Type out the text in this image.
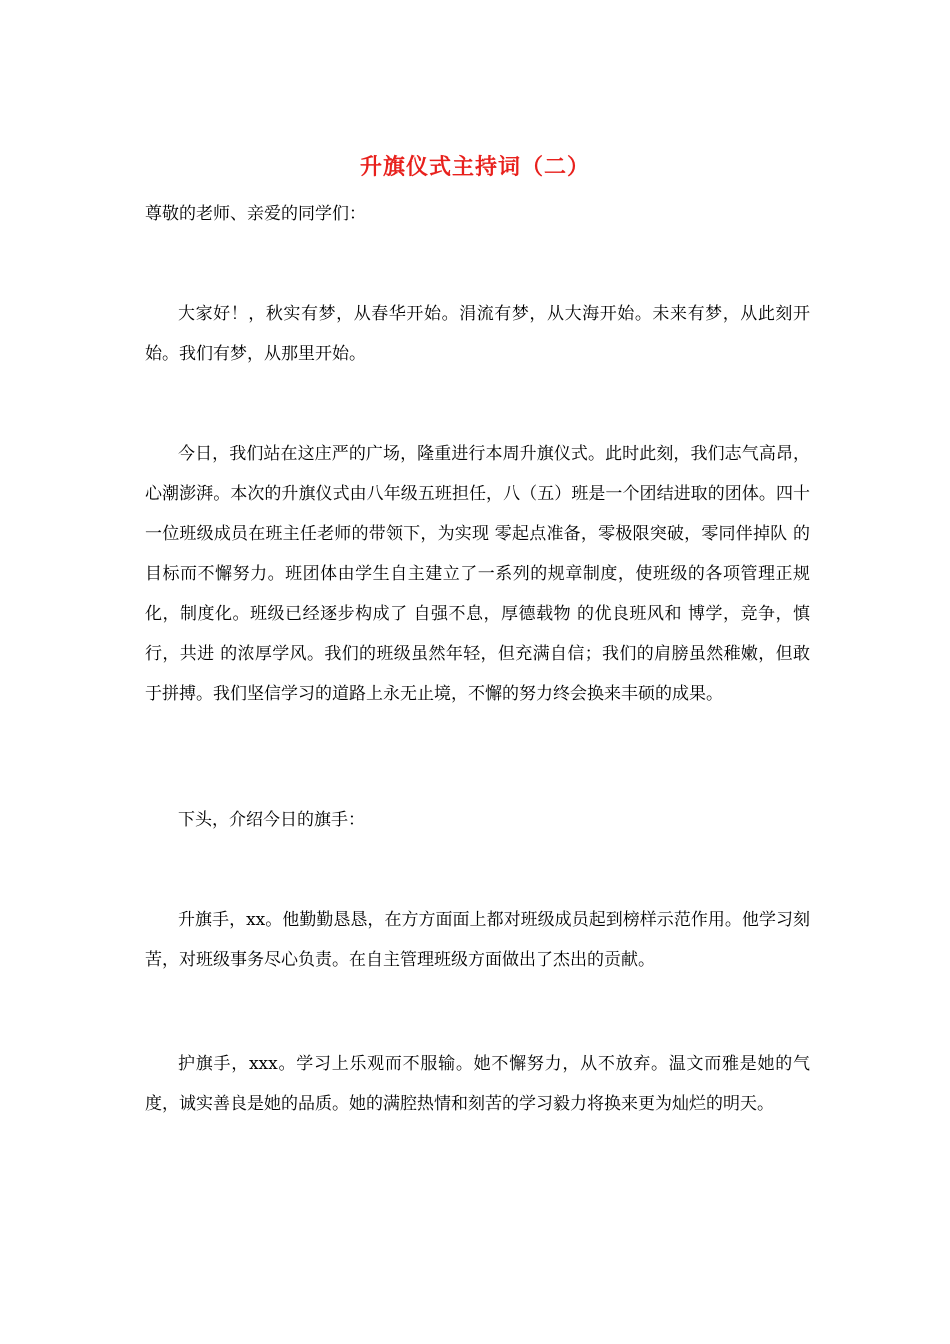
升旗仪式主持词（二）
尊敬的老师、亲爱的同学们：

大家好！，秋实有梦，从春华开始。涓流有梦，从大海开始。未来有梦，从此刻开始。我们有梦，从那里开始。

今日，我们站在这庄严的广场，隆重进行本周升旗仪式。此时此刻，我们志气高昂，心潮澎湃。本次的升旗仪式由八年级五班担任，八（五）班是一个团结进取的团体。四十一位班级成员在班主任老师的带领下，为实现 零起点准备，零极限突破，零同伴掉队 的目标而不懈努力。班团体由学生自主建立了一系列的规章制度，使班级的各项管理正规化，制度化。班级已经逐步构成了 自强不息，厚德载物 的优良班风和 博学，竞争，慎行，共进 的浓厚学风。我们的班级虽然年轻，但充满自信；我们的肩膀虽然稚嫩，但敢于拼搏。我们坚信学习的道路上永无止境，不懈的努力终会换来丰硕的成果。

下头，介绍今日的旗手：

升旗手，xx。他勤勤恳恳，在方方面面上都对班级成员起到榜样示范作用。他学习刻苦，对班级事务尽心负责。在自主管理班级方面做出了杰出的贡献。

护旗手，xxx。学习上乐观而不服输。她不懈努力，从不放弃。温文而雅是她的气度，诚实善良是她的品质。她的满腔热情和刻苦的学习毅力将换来更为灿烂的明天。
